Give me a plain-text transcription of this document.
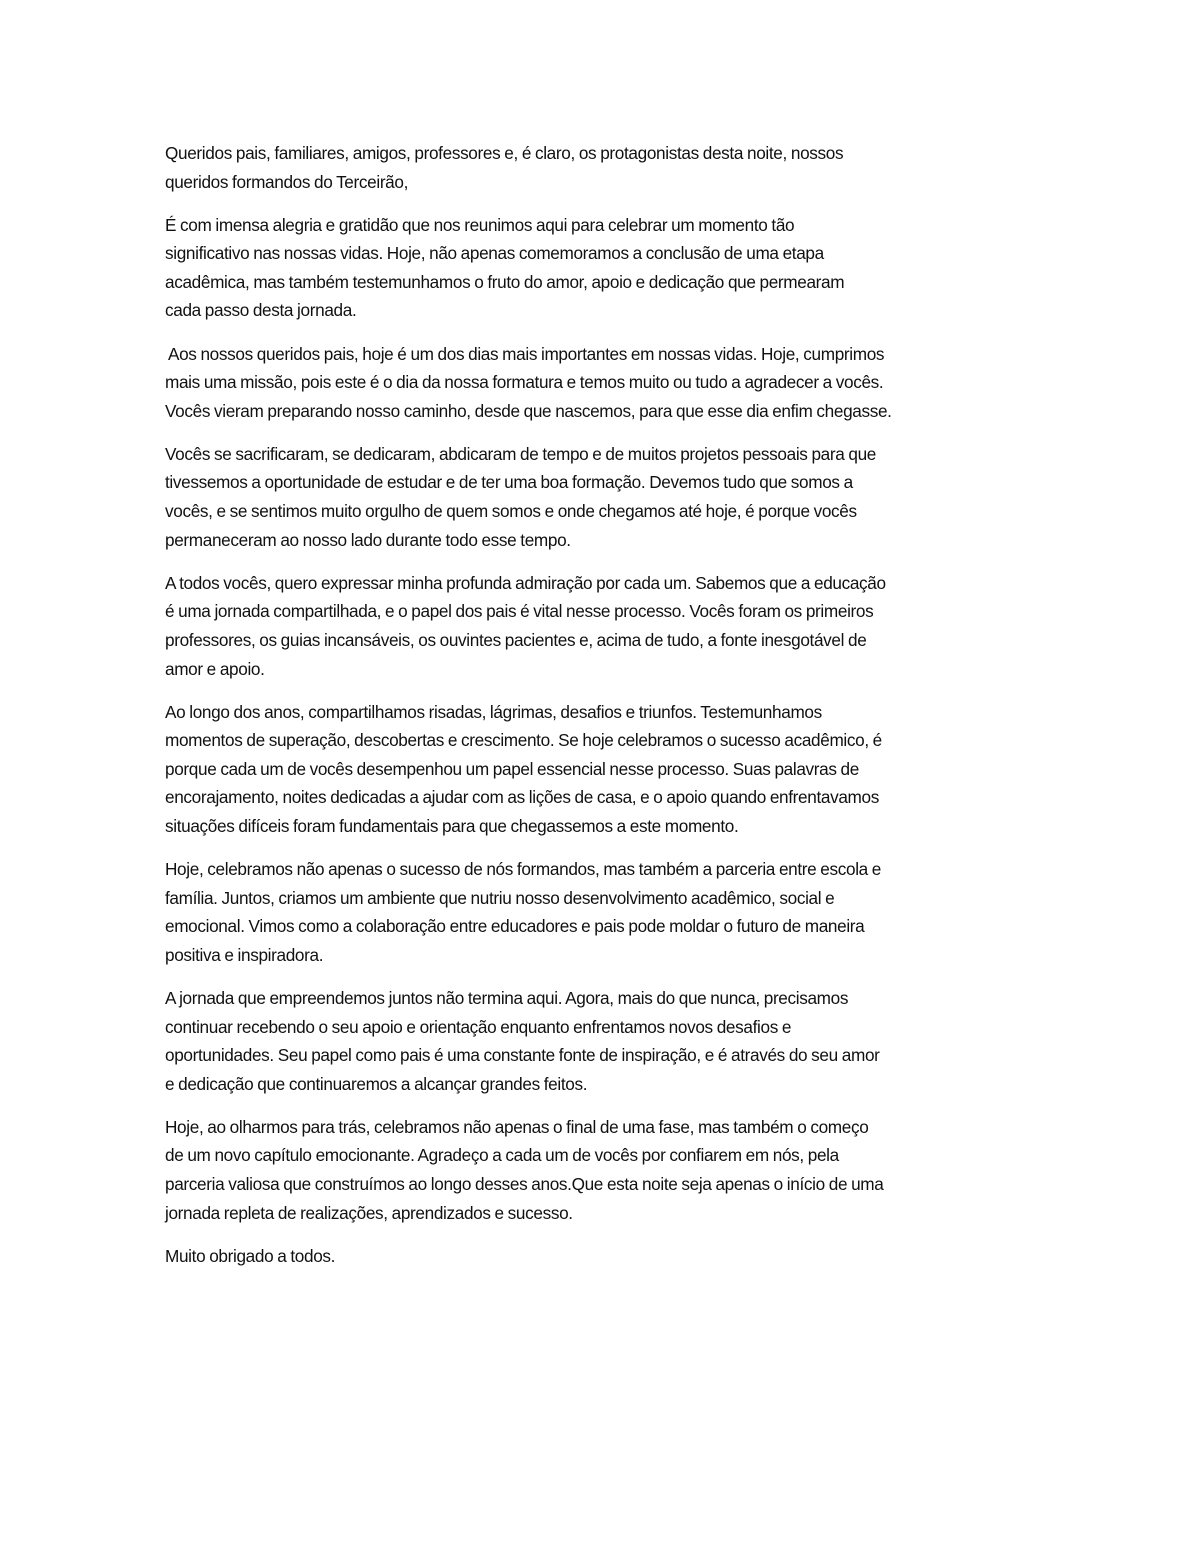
Queridos pais, familiares, amigos, professores e, é claro, os protagonistas desta noite, nossos
queridos formandos do Terceirão,

É com imensa alegria e gratidão que nos reunimos aqui para celebrar um momento tão
significativo nas nossas vidas. Hoje, não apenas comemoramos a conclusão de uma etapa
acadêmica, mas também testemunhamos o fruto do amor, apoio e dedicação que permearam
cada passo desta jornada.

Aos nossos queridos pais, hoje é um dos dias mais importantes em nossas vidas. Hoje, cumprimos
mais uma missão, pois este é o dia da nossa formatura e temos muito ou tudo a agradecer a vocês.
Vocês vieram preparando nosso caminho, desde que nascemos, para que esse dia enfim chegasse.

Vocês se sacrificaram, se dedicaram, abdicaram de tempo e de muitos projetos pessoais para que
tivessemos a oportunidade de estudar e de ter uma boa formação. Devemos tudo que somos a
vocês, e se sentimos muito orgulho de quem somos e onde chegamos até hoje, é porque vocês
permaneceram ao nosso lado durante todo esse tempo.

A todos vocês, quero expressar minha profunda admiração por cada um. Sabemos que a educação
é uma jornada compartilhada, e o papel dos pais é vital nesse processo. Vocês foram os primeiros
professores, os guias incansáveis, os ouvintes pacientes e, acima de tudo, a fonte inesgotável de
amor e apoio.

Ao longo dos anos, compartilhamos risadas, lágrimas, desafios e triunfos. Testemunhamos
momentos de superação, descobertas e crescimento. Se hoje celebramos o sucesso acadêmico, é
porque cada um de vocês desempenhou um papel essencial nesse processo. Suas palavras de
encorajamento, noites dedicadas a ajudar com as lições de casa, e o apoio quando enfrentavamos
situações difíceis foram fundamentais para que chegassemos a este momento.

Hoje, celebramos não apenas o sucesso de nós formandos, mas também a parceria entre escola e
família. Juntos, criamos um ambiente que nutriu nosso desenvolvimento acadêmico, social e
emocional. Vimos como a colaboração entre educadores e pais pode moldar o futuro de maneira
positiva e inspiradora.

A jornada que empreendemos juntos não termina aqui. Agora, mais do que nunca, precisamos
continuar recebendo o seu apoio e orientação enquanto enfrentamos novos desafios e
oportunidades. Seu papel como pais é uma constante fonte de inspiração, e é através do seu amor
e dedicação que continuaremos a alcançar grandes feitos.

Hoje, ao olharmos para trás, celebramos não apenas o final de uma fase, mas também o começo
de um novo capítulo emocionante. Agradeço a cada um de vocês por confiarem em nós, pela
parceria valiosa que construímos ao longo desses anos.Que esta noite seja apenas o início de uma
jornada repleta de realizações, aprendizados e sucesso.

Muito obrigado a todos.
